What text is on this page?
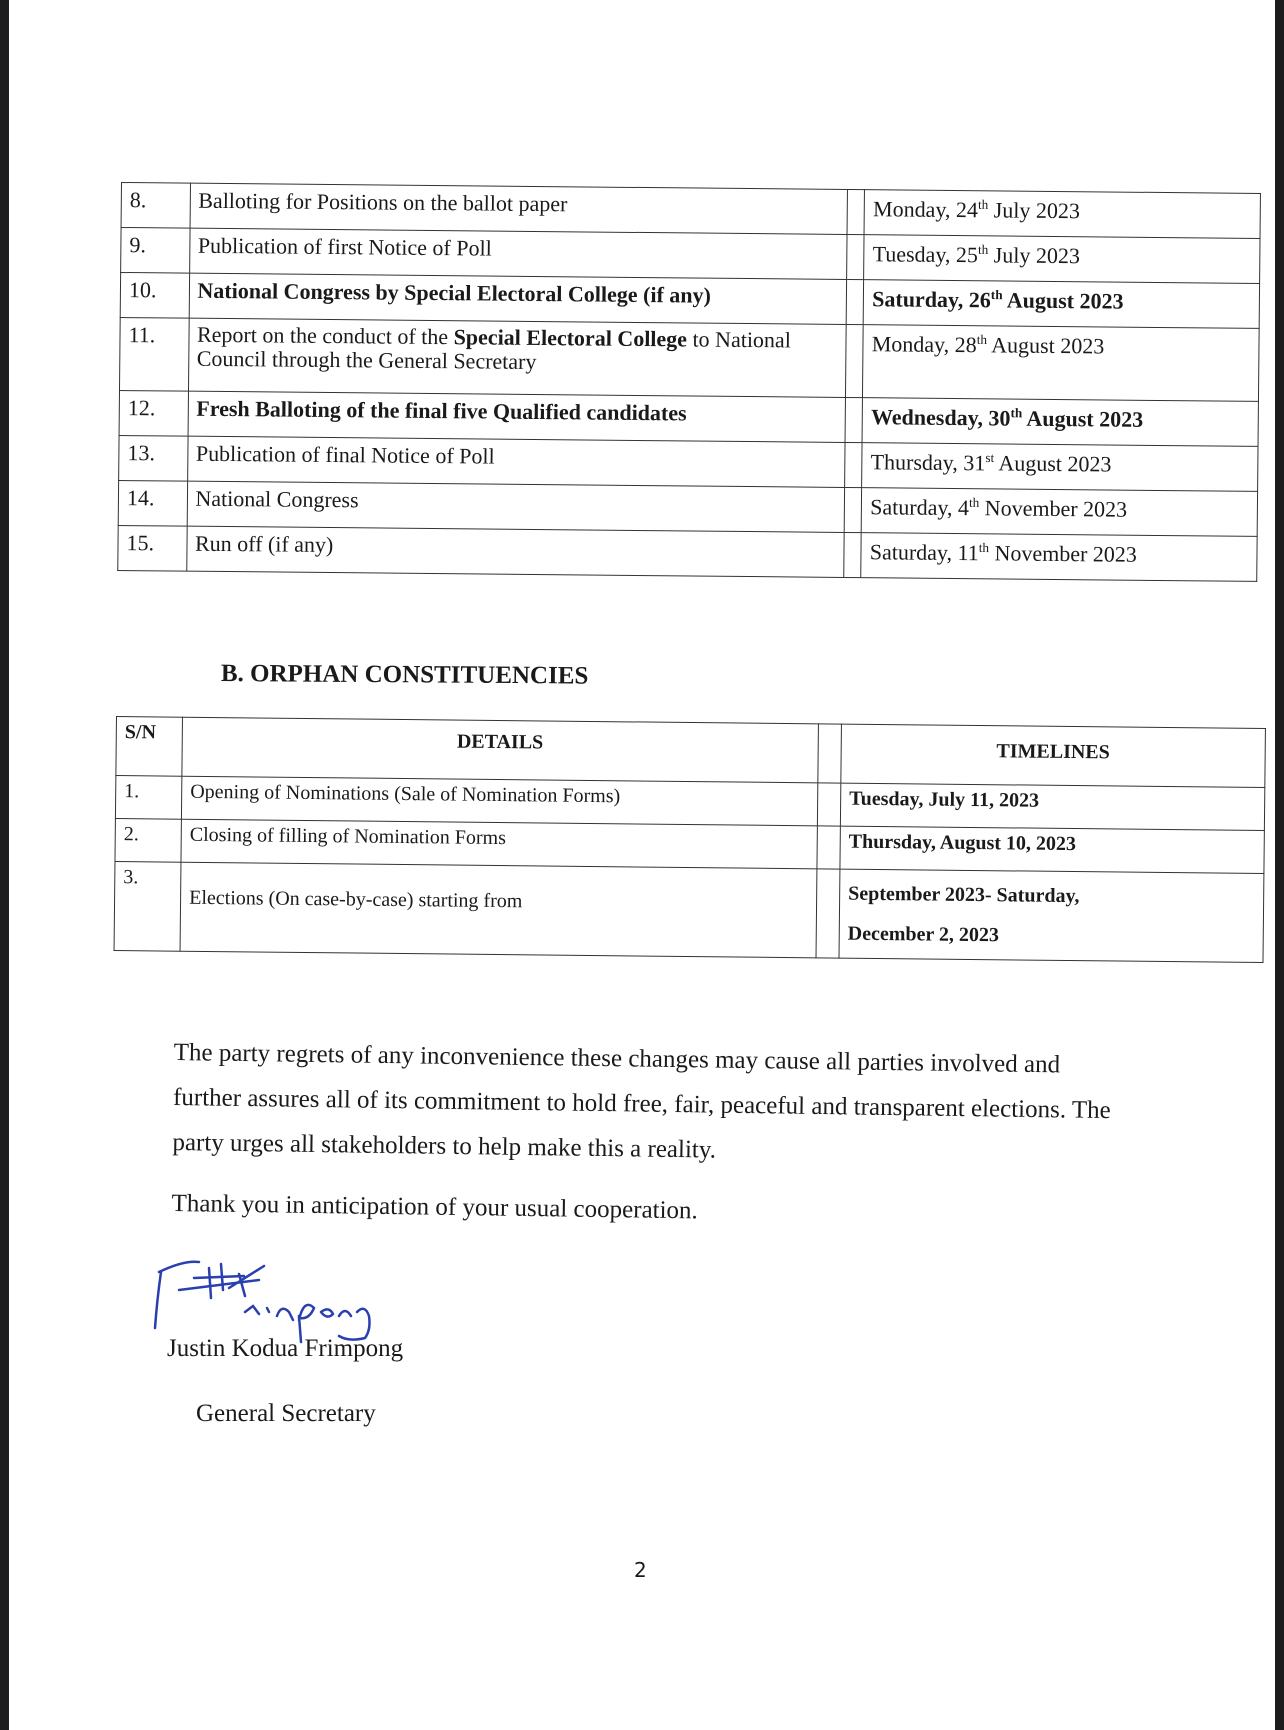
8.	Balloting for Positions on the ballot paper		Monday, 24th July 2023
9.	Publication of first Notice of Poll		Tuesday, 25th July 2023
10.	National Congress by Special Electoral College (if any)		Saturday, 26th August 2023
11.	Report on the conduct of the Special Electoral College to National Council through the General Secretary		Monday, 28th August 2023
12.	Fresh Balloting of the final five Qualified candidates		Wednesday, 30th August 2023
13.	Publication of final Notice of Poll		Thursday, 31st August 2023
14.	National Congress		Saturday, 4th November 2023
15.	Run off (if any)		Saturday, 11th November 2023
B. ORPHAN CONSTITUENCIES
S/N	DETAILS		TIMELINES
1.	Opening of Nominations (Sale of Nomination Forms)		Tuesday, July 11, 2023
2.	Closing of filling of Nomination Forms		Thursday, August 10, 2023
3.	Elections (On case-by-case) starting from		September 2023- Saturday,
December 2, 2023

The party regrets of any inconvenience these changes may cause all parties involved and further assures all of its commitment to hold free, fair, peaceful and transparent elections. The party urges all stakeholders to help make this a reality.

Thank you in anticipation of your usual cooperation.

Justin Kodua Frimpong
General Secretary
2
